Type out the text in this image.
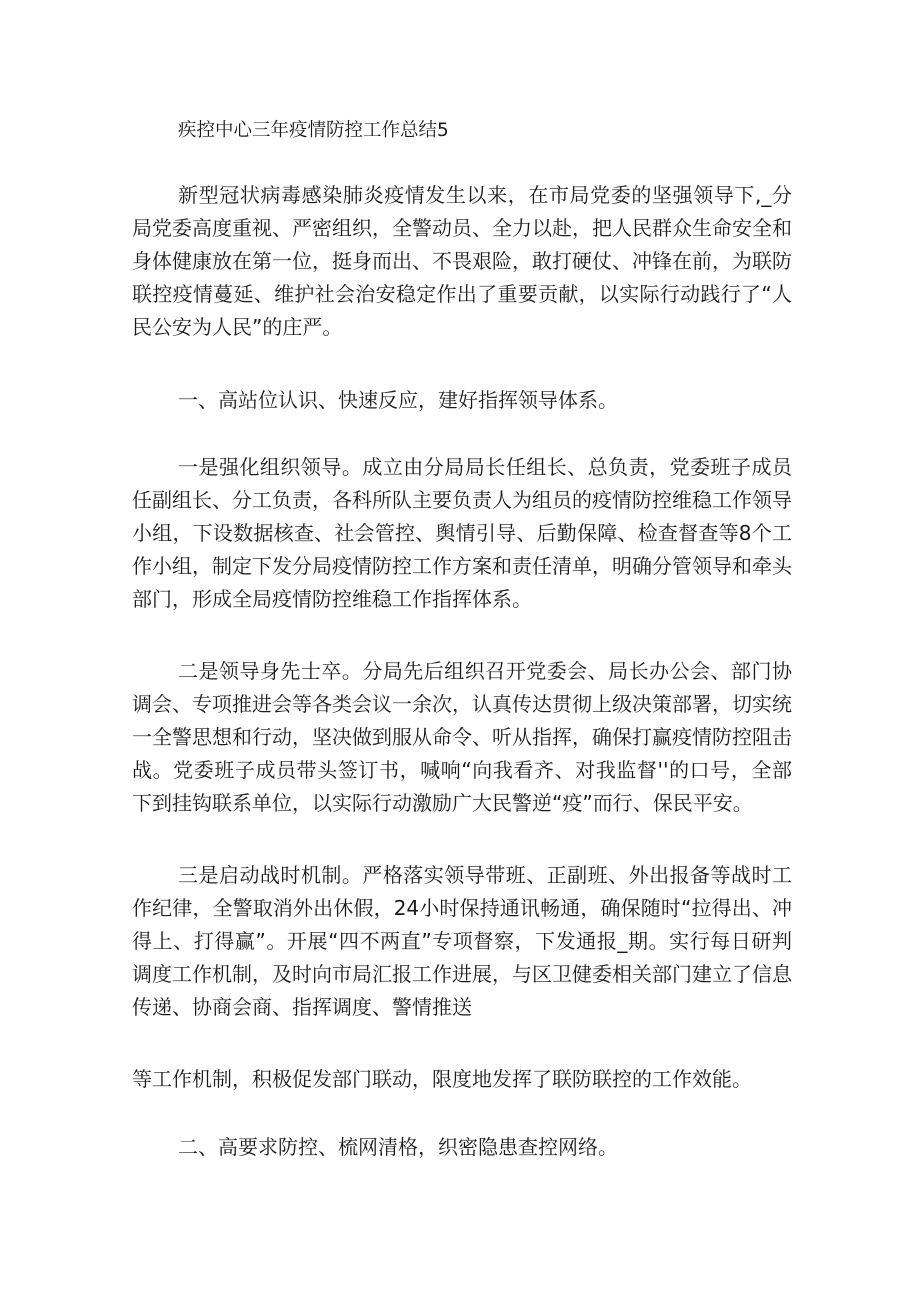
疾控中心三年疫情防控工作总结5

新型冠状病毒感染肺炎疫情发生以来，在市局党委的坚强领导下,_分局党委高度重视、严密组织，全警动员、全力以赴，把人民群众生命安全和身体健康放在第一位，挺身而出、不畏艰险，敢打硬仗、冲锋在前，为联防联控疫情蔓延、维护社会治安稳定作出了重要贡献，以实际行动践行了“人民公安为人民”的庄严。

一、高站位认识、快速反应，建好指挥领导体系。

一是强化组织领导。成立由分局局长任组长、总负责，党委班子成员任副组长、分工负责，各科所队主要负责人为组员的疫情防控维稳工作领导小组，下设数据核查、社会管控、舆情引导、后勤保障、检查督查等8个工作小组，制定下发分局疫情防控工作方案和责任清单，明确分管领导和牵头部门，形成全局疫情防控维稳工作指挥体系。

二是领导身先士卒。分局先后组织召开党委会、局长办公会、部门协调会、专项推进会等各类会议一余次，认真传达贯彻上级决策部署，切实统一全警思想和行动，坚决做到服从命令、听从指挥，确保打赢疫情防控阻击战。党委班子成员带头签订书，喊响“向我看齐、对我监督''的口号，全部下到挂钩联系单位，以实际行动激励广大民警逆“疫”而行、保民平安。

三是启动战时机制。严格落实领导带班、正副班、外出报备等战时工作纪律，全警取消外出休假，24小时保持通讯畅通，确保随时“拉得出、冲得上、打得赢”。开展“四不两直”专项督察，下发通报_期。实行每日研判调度工作机制，及时向市局汇报工作进展，与区卫健委相关部门建立了信息传递、协商会商、指挥调度、警情推送

等工作机制，积极促发部门联动，限度地发挥了联防联控的工作效能。

二、高要求防控、梳网清格，织密隐患查控网络。
